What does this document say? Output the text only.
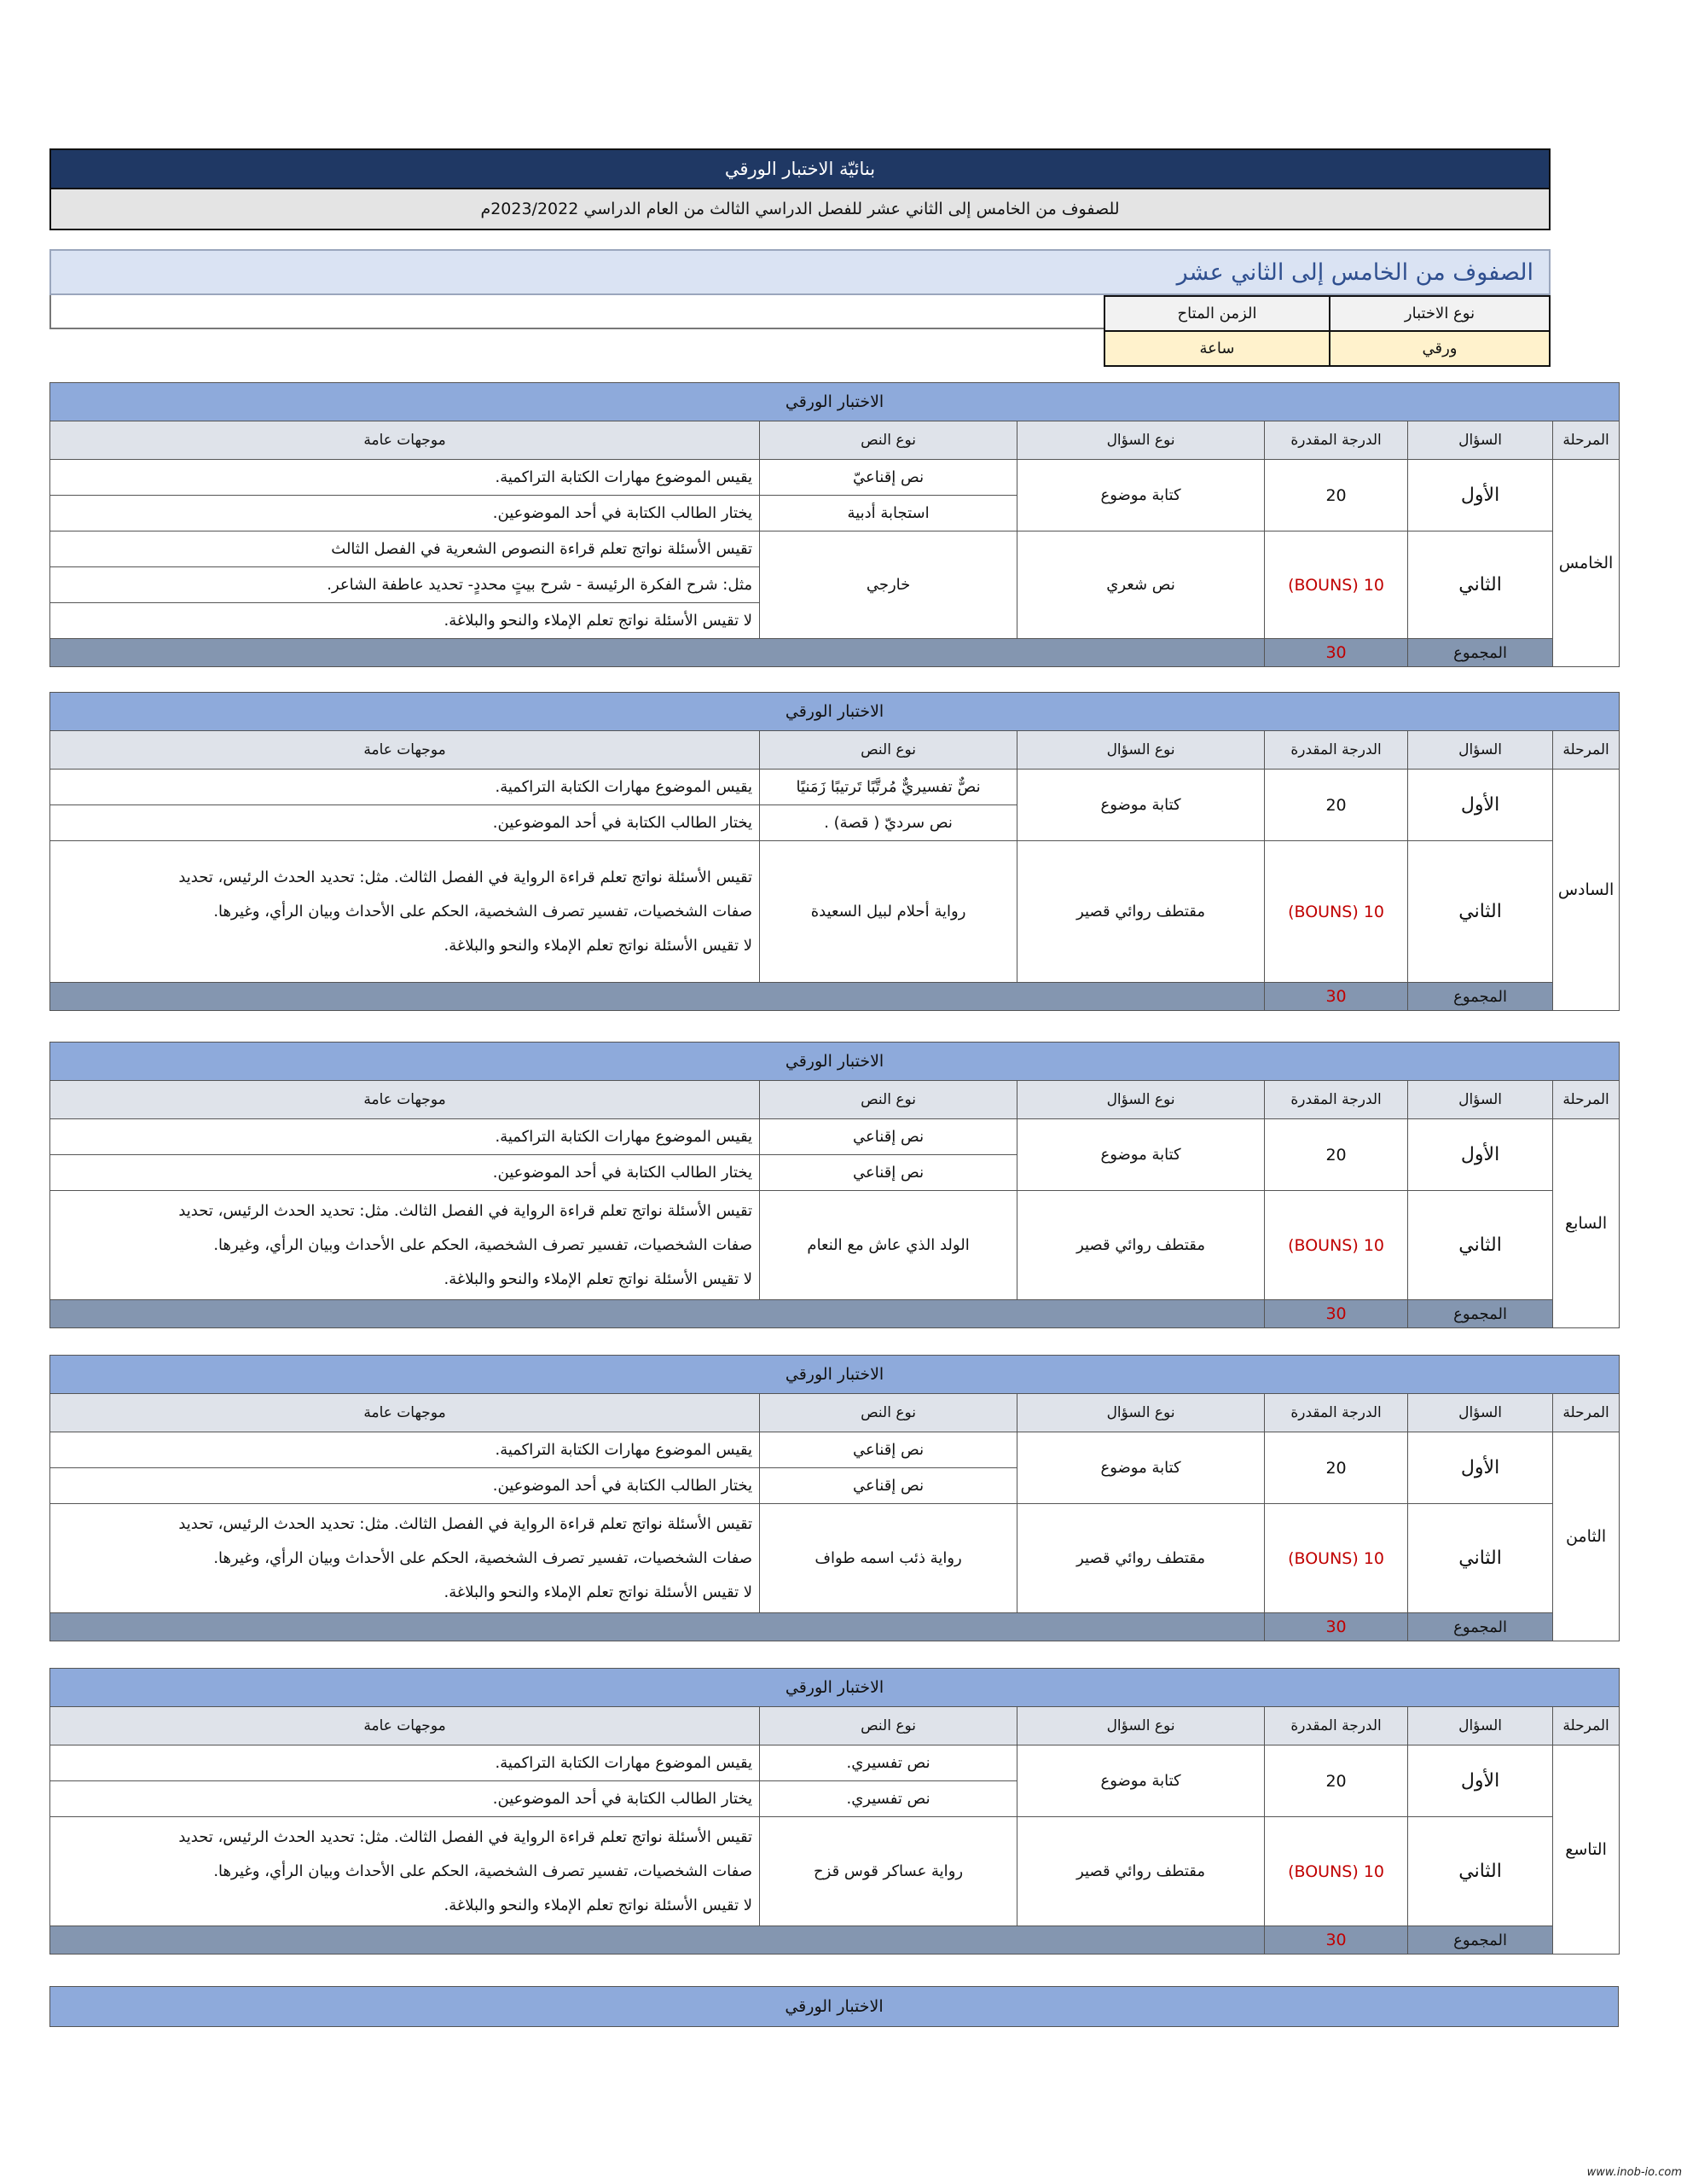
بنائيّة الاختبار الورقي
للصفوف من الخامس إلى الثاني عشر للفصل الدراسي الثالث من العام الدراسي 2023/2022م
الصفوف من الخامس إلى الثاني عشر
الزمن المتاح	نوع الاختبار
ساعة	ورقي
الاختبار الورقي					
المرحلة	السؤال	الدرجة المقدرة	نوع السؤال	نوع النص	موجهات عامة
الخامس	الأول	20	كتابة موضوع	نص إقناعيّ	يقيس الموضوع مهارات الكتابة التراكمية.
				استجابة أدبية	يختار الطالب الكتابة في أحد الموضوعين.
	الثاني	10 (BOUNS)	نص شعري	خارجي	تقيس الأسئلة نواتج تعلم قراءة النصوص الشعرية في الفصل الثالث
					مثل: شرح الفكرة الرئيسة - شرح بيتٍ محددٍ- تحديد عاطفة الشاعر.
					لا تقيس الأسئلة نواتج تعلم الإملاء والنحو والبلاغة.
	المجموع	30			
الاختبار الورقي					
المرحلة	السؤال	الدرجة المقدرة	نوع السؤال	نوع النص	موجهات عامة
السادس	الأول	20	كتابة موضوع	نصٌّ تفسيريٌّ مُرتَّبًا تَرتيبًا زَمَنيًا	يقيس الموضوع مهارات الكتابة التراكمية.
				نص سرديّ ( قصة) .	يختار الطالب الكتابة في أحد الموضوعين.
	الثاني	10 (BOUNS)	مقتطف روائي قصير	رواية أحلام لبيل السعيدة	تقيس الأسئلة نواتج تعلم قراءة الرواية في الفصل الثالث. مثل: تحديد الحدث الرئيس، تحديد
صفات الشخصيات، تفسير تصرف الشخصية، الحكم على الأحداث وبيان الرأي، وغيرها.
لا تقيس الأسئلة نواتج تعلم الإملاء والنحو والبلاغة.

	المجموع	30			
الاختبار الورقي					
المرحلة	السؤال	الدرجة المقدرة	نوع السؤال	نوع النص	موجهات عامة
السابع	الأول	20	كتابة موضوع	نص إقناعي	يقيس الموضوع مهارات الكتابة التراكمية.
				نص إقناعي	يختار الطالب الكتابة في أحد الموضوعين.
	الثاني	10 (BOUNS)	مقتطف روائي قصير	الولد الذي عاش مع النعام	تقيس الأسئلة نواتج تعلم قراءة الرواية في الفصل الثالث. مثل: تحديد الحدث الرئيس، تحديد
صفات الشخصيات، تفسير تصرف الشخصية، الحكم على الأحداث وبيان الرأي، وغيرها.
لا تقيس الأسئلة نواتج تعلم الإملاء والنحو والبلاغة.

	المجموع	30			
الاختبار الورقي					
المرحلة	السؤال	الدرجة المقدرة	نوع السؤال	نوع النص	موجهات عامة
الثامن	الأول	20	كتابة موضوع	نص إقناعي	يقيس الموضوع مهارات الكتابة التراكمية.
				نص إقناعي	يختار الطالب الكتابة في أحد الموضوعين.
	الثاني	10 (BOUNS)	مقتطف روائي قصير	رواية ذئب اسمه طواف	تقيس الأسئلة نواتج تعلم قراءة الرواية في الفصل الثالث. مثل: تحديد الحدث الرئيس، تحديد
صفات الشخصيات، تفسير تصرف الشخصية، الحكم على الأحداث وبيان الرأي، وغيرها.
لا تقيس الأسئلة نواتج تعلم الإملاء والنحو والبلاغة.

	المجموع	30			
الاختبار الورقي					
المرحلة	السؤال	الدرجة المقدرة	نوع السؤال	نوع النص	موجهات عامة
التاسع	الأول	20	كتابة موضوع	نص تفسيري.	يقيس الموضوع مهارات الكتابة التراكمية.
				نص تفسيري.	يختار الطالب الكتابة في أحد الموضوعين.
	الثاني	10 (BOUNS)	مقتطف روائي قصير	رواية عساكر قوس قزح	تقيس الأسئلة نواتج تعلم قراءة الرواية في الفصل الثالث. مثل: تحديد الحدث الرئيس، تحديد
صفات الشخصيات، تفسير تصرف الشخصية، الحكم على الأحداث وبيان الرأي، وغيرها.
لا تقيس الأسئلة نواتج تعلم الإملاء والنحو والبلاغة.

	المجموع	30			
الاختبار الورقي
www.inob-io.com
